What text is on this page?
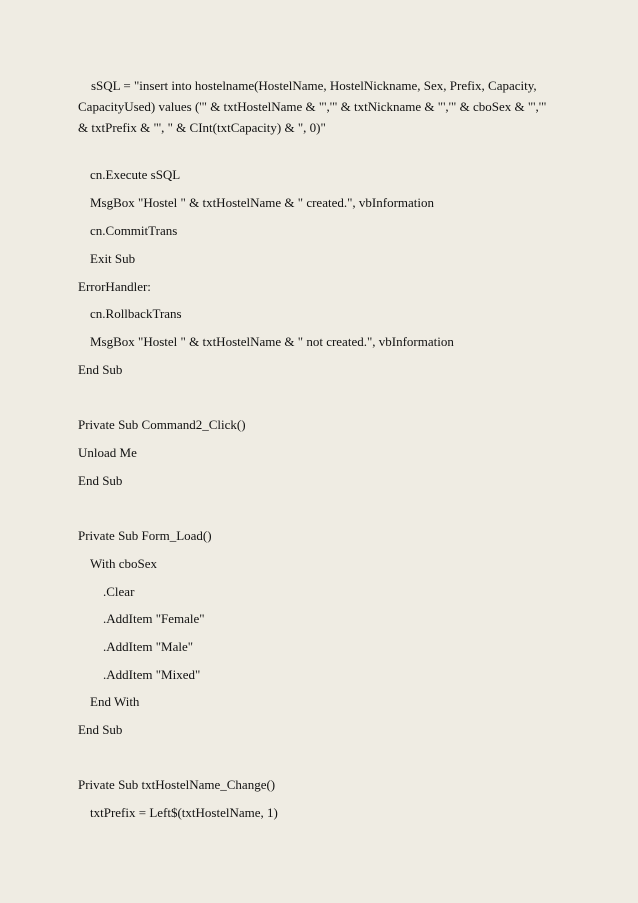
sSQL = "insert into hostelname(HostelName, HostelNickname, Sex, Prefix, Capacity, CapacityUsed) values ('" & txtHostelName & "','" & txtNickname & "','" & cboSex & "','" & txtPrefix & "', " & CInt(txtCapacity) & ", 0)"
cn.Execute sSQL
MsgBox "Hostel " & txtHostelName & " created.", vbInformation
cn.CommitTrans
Exit Sub
ErrorHandler:
cn.RollbackTrans
MsgBox "Hostel " & txtHostelName & " not created.", vbInformation
End Sub
Private Sub Command2_Click()
Unload Me
End Sub
Private Sub Form_Load()
With cboSex
.Clear
.AddItem "Female"
.AddItem "Male"
.AddItem "Mixed"
End With
End Sub
Private Sub txtHostelName_Change()
txtPrefix = Left$(txtHostelName, 1)
